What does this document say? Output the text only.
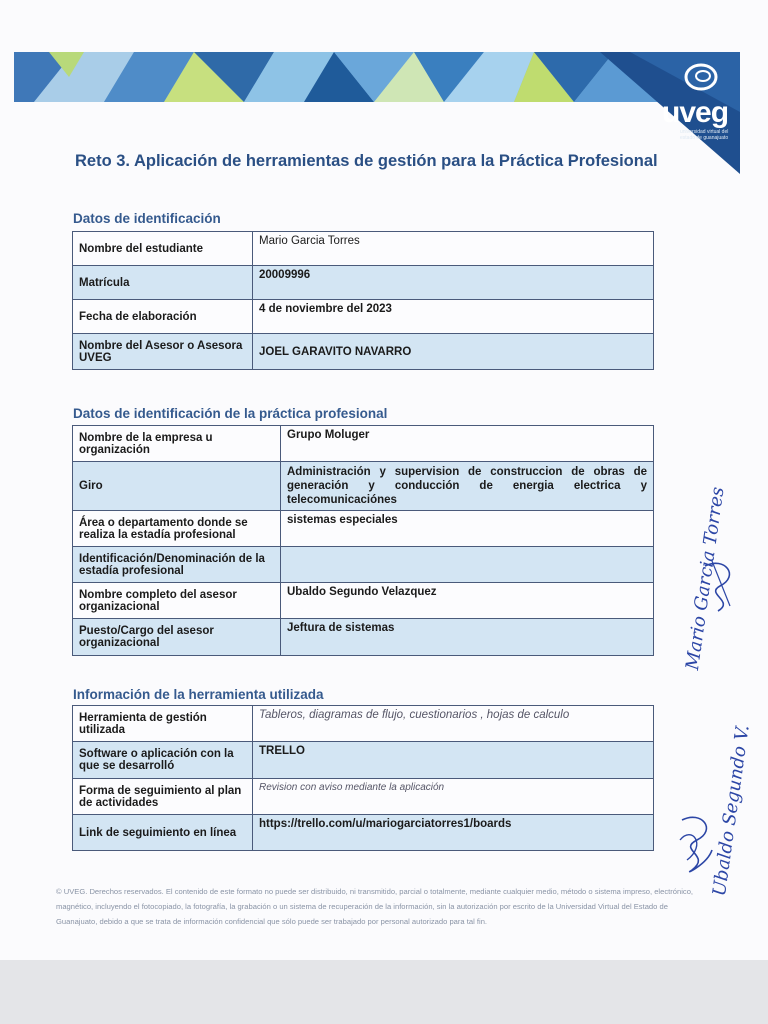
uveg
universidad virtual del estado de guanajuato
Reto 3. Aplicación de herramientas de gestión para la Práctica Profesional
Datos de identificación
Nombre del estudiante	Mario Garcia Torres
Matrícula	20009996
Fecha de elaboración	4 de noviembre del 2023
Nombre del Asesor o Asesora UVEG	JOEL GARAVITO NAVARRO
Datos de identificación de la práctica profesional
Nombre de la empresa u organización	Grupo Moluger
Giro	Administración y supervision de construccion de obras de generación y conducción de energia electrica y telecomunicaciónes
Área o departamento donde se realiza la estadía profesional	sistemas especiales
Identificación/Denominación de la estadía profesional	
Nombre completo del asesor organizacional	Ubaldo Segundo Velazquez
Puesto/Cargo del asesor organizacional	Jeftura de sistemas
Información de la herramienta utilizada
Herramienta de gestión utilizada	Tableros, diagramas de flujo, cuestionarios , hojas de calculo
Software o aplicación con la que se desarrolló	TRELLO
Forma de seguimiento al plan de actividades	Revision con aviso mediante la aplicación
Link de seguimiento en línea	https://trello.com/u/mariogarciatorres1/boards
© UVEG. Derechos reservados. El contenido de este formato no puede ser distribuido, ni transmitido, parcial o totalmente, mediante cualquier medio, método o sistema impreso, electrónico, magnético, incluyendo el fotocopiado, la fotografía, la grabación o un sistema de recuperación de la información, sin la autorización por escrito de la Universidad Virtual del Estado de Guanajuato, debido a que se trata de información confidencial que sólo puede ser trabajado por personal autorizado para tal fin.
Mario Garcia Torres
Ubaldo Segundo V.
